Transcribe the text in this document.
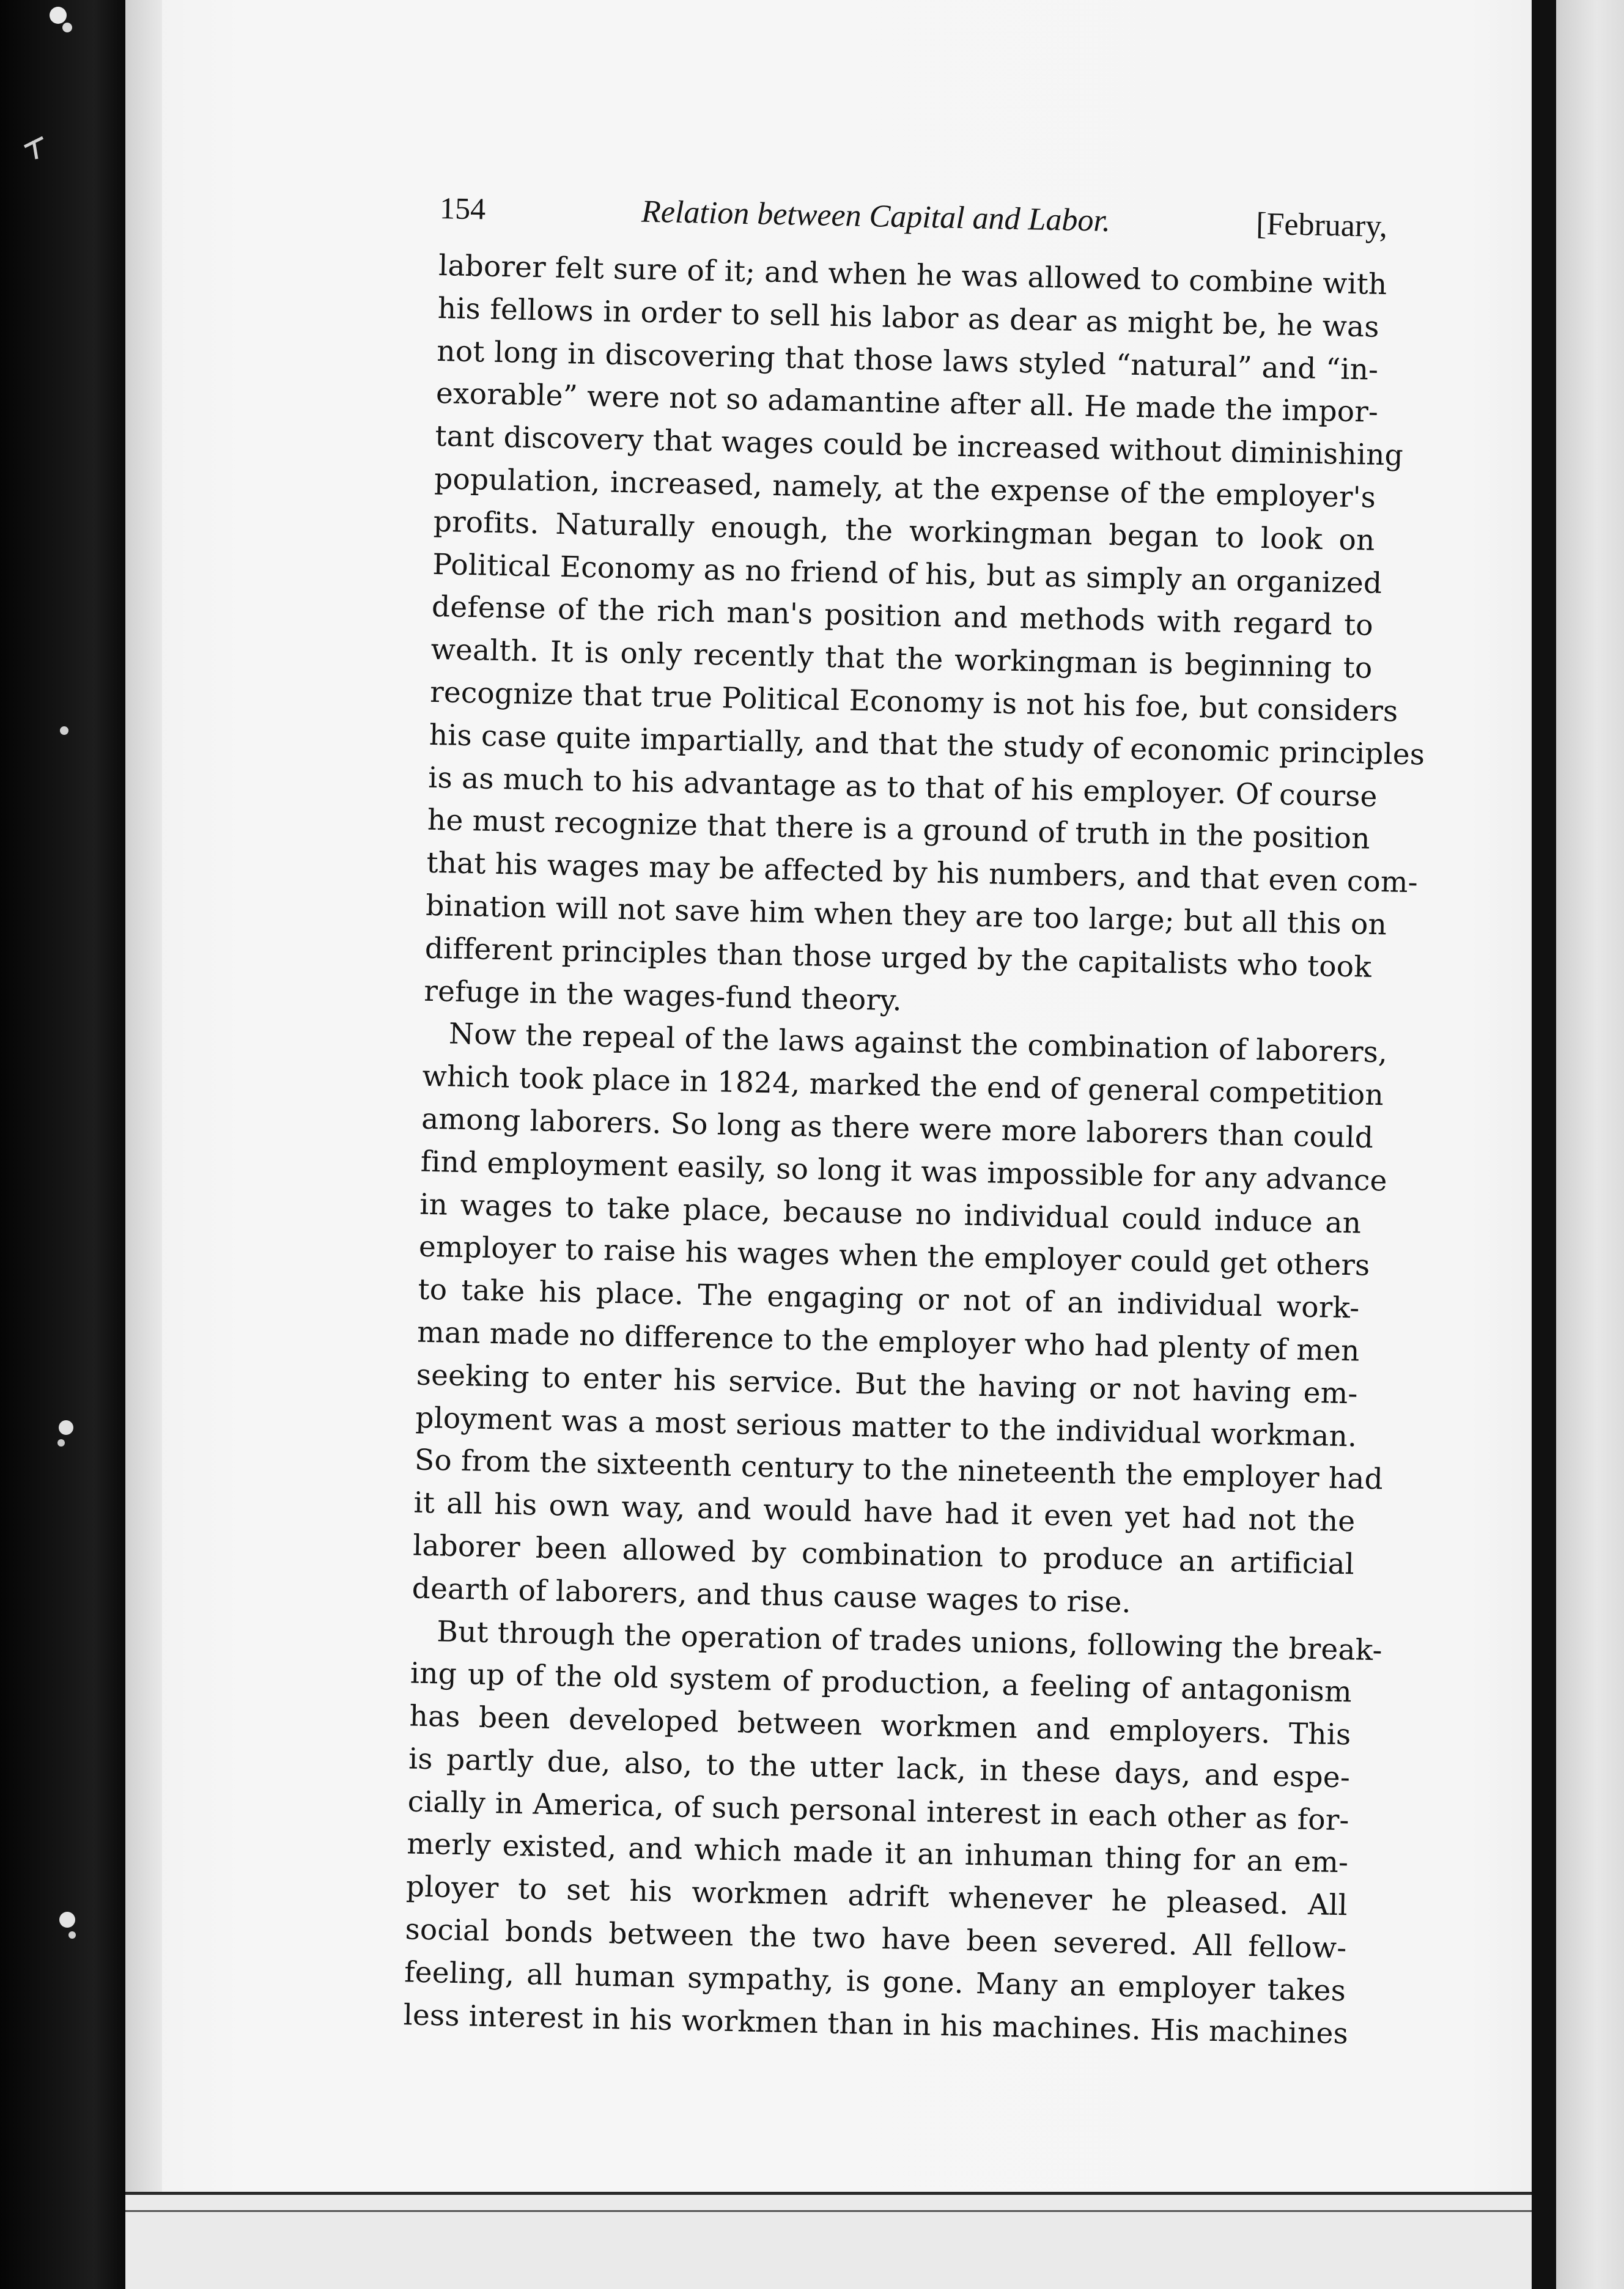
154	Relation between Capital and Labor.	[February,
laborer felt sure of it; and when he was allowed to combine with
his fellows in order to sell his labor as dear as might be, he was
not long in discovering that those laws styled “natural” and “in-
exorable” were not so adamantine after all. He made the impor-
tant discovery that wages could be increased without diminishing
population, increased, namely, at the expense of the employer's
profits. Naturally enough, the workingman began to look on
Political Economy as no friend of his, but as simply an organized
defense of the rich man's position and methods with regard to
wealth. It is only recently that the workingman is beginning to
recognize that true Political Economy is not his foe, but considers
his case quite impartially, and that the study of economic principles
is as much to his advantage as to that of his employer. Of course
he must recognize that there is a ground of truth in the position
that his wages may be affected by his numbers, and that even com-
bination will not save him when they are too large; but all this on
different principles than those urged by the capitalists who took
refuge in the wages-fund theory.
Now the repeal of the laws against the combination of laborers,
which took place in 1824, marked the end of general competition
among laborers. So long as there were more laborers than could
find employment easily, so long it was impossible for any advance
in wages to take place, because no individual could induce an
employer to raise his wages when the employer could get others
to take his place. The engaging or not of an individual work-
man made no difference to the employer who had plenty of men
seeking to enter his service. But the having or not having em-
ployment was a most serious matter to the individual workman.
So from the sixteenth century to the nineteenth the employer had
it all his own way, and would have had it even yet had not the
laborer been allowed by combination to produce an artificial
dearth of laborers, and thus cause wages to rise.
But through the operation of trades unions, following the break-
ing up of the old system of production, a feeling of antagonism
has been developed between workmen and employers. This
is partly due, also, to the utter lack, in these days, and espe-
cially in America, of such personal interest in each other as for-
merly existed, and which made it an inhuman thing for an em-
ployer to set his workmen adrift whenever he pleased. All
social bonds between the two have been severed. All fellow-
feeling, all human sympathy, is gone. Many an employer takes
less interest in his workmen than in his machines. His machines
